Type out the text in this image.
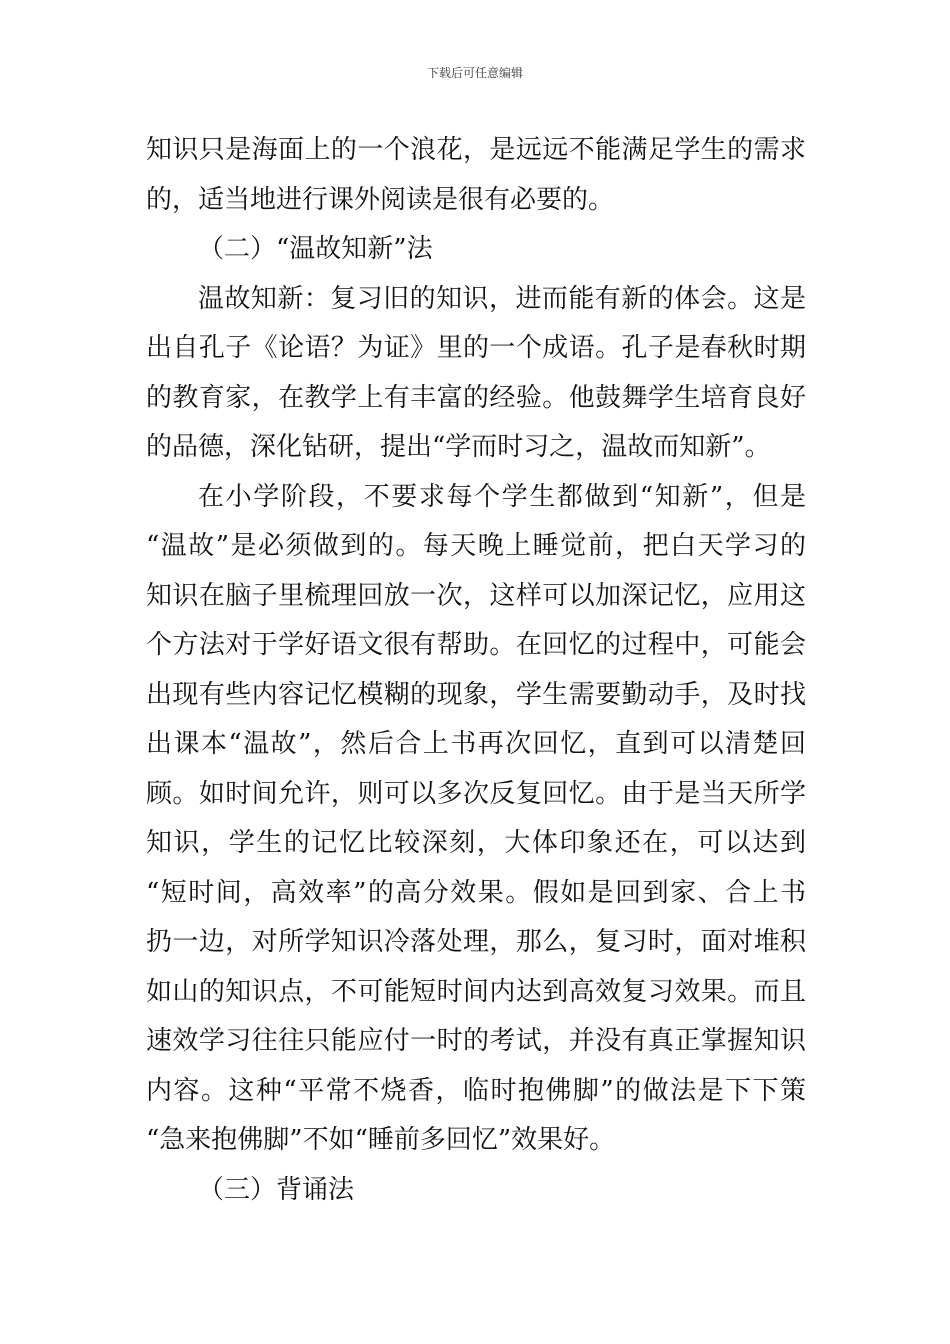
下载后可任意编辑
知识只是海面上的一个浪花，是远远不能满足学生的需求
的，适当地进行课外阅读是很有必要的。
（二）“温故知新”法
温故知新：复习旧的知识，进而能有新的体会。这是
出自孔子《论语？为证》里的一个成语。孔子是春秋时期
的教育家，在教学上有丰富的经验。他鼓舞学生培育良好
的品德，深化钻研，提出“学而时习之，温故而知新”。
在小学阶段，不要求每个学生都做到“知新”，但是
“温故”是必须做到的。每天晚上睡觉前，把白天学习的
知识在脑子里梳理回放一次，这样可以加深记忆，应用这
个方法对于学好语文很有帮助。在回忆的过程中，可能会
出现有些内容记忆模糊的现象，学生需要勤动手，及时找
出课本“温故”，然后合上书再次回忆，直到可以清楚回
顾。如时间允许，则可以多次反复回忆。由于是当天所学
知识，学生的记忆比较深刻，大体印象还在，可以达到
“短时间，高效率”的高分效果。假如是回到家、合上书
扔一边，对所学知识冷落处理，那么，复习时，面对堆积
如山的知识点，不可能短时间内达到高效复习效果。而且
速效学习往往只能应付一时的考试，并没有真正掌握知识
内容。这种“平常不烧香，临时抱佛脚”的做法是下下策
“急来抱佛脚”不如“睡前多回忆”效果好。
（三）背诵法
